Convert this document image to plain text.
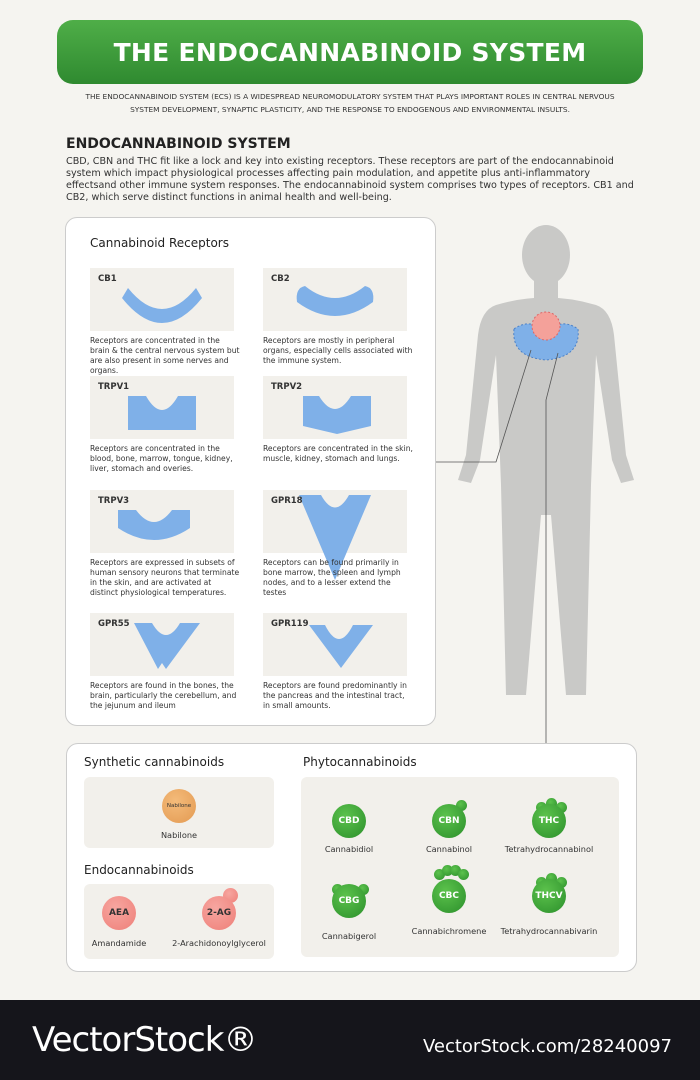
THE ENDOCANNABINOID SYSTEM
THE ENDOCANNABINOID SYSTEM (ECS) IS A WIDESPREAD NEUROMODULATORY SYSTEM THAT PLAYS IMPORTANT ROLES IN CENTRAL NERVOUS SYSTEM DEVELOPMENT, SYNAPTIC PLASTICITY, AND THE RESPONSE TO ENDOGENOUS AND ENVIRONMENTAL INSULTS.
ENDOCANNABINOID SYSTEM
CBD, CBN and THC fit like a lock and key into existing receptors. These receptors are part of the endocannabinoid system which impact physiological processes affecting pain modulation, and appetite plus anti-inflammatory effectsand other immune system responses. The endocannabinoid system comprises two types of receptors. CB1 and CB2, which serve distinct functions in animal health and well-being.
Cannabinoid Receptors
CB1
Receptors are concentrated in the brain & the central nervous system but are also present in some nerves and organs.
CB2
Receptors are mostly in peripheral organs, especially cells associated with the immune system.
TRPV1
Receptors are concentrated in the blood, bone, marrow, tongue, kidney, liver, stomach and overies.
TRPV2
Receptors are concentrated in the skin, muscle, kidney, stomach and lungs.
TRPV3
Receptors are expressed in subsets of human sensory neurons that terminate in the skin, and are activated at distinct physiological temperatures.
GPR18
Receptors can be found primarily in bone marrow, the spleen and lymph nodes, and to a lesser extend the testes
GPR55
Receptors are found in the bones, the brain, particularly the cerebellum, and the jejunum and ileum
GPR119
Receptors are found predominantly in the pancreas and the intestinal tract, in small amounts.
Synthetic cannabinoids
Nabilone
Nabilone
Endocannabinoids
AEA
Amandamide
2-AG
2-Arachidonoylglycerol
Phytocannabinoids
CBD
Cannabidiol
CBN
Cannabinol
THC
Tetrahydrocannabinol
CBG
Cannabigerol
CBC
Cannabichromene
THCV
Tetrahydrocannabivarin
VectorStock®	VectorStock.com/28240097
